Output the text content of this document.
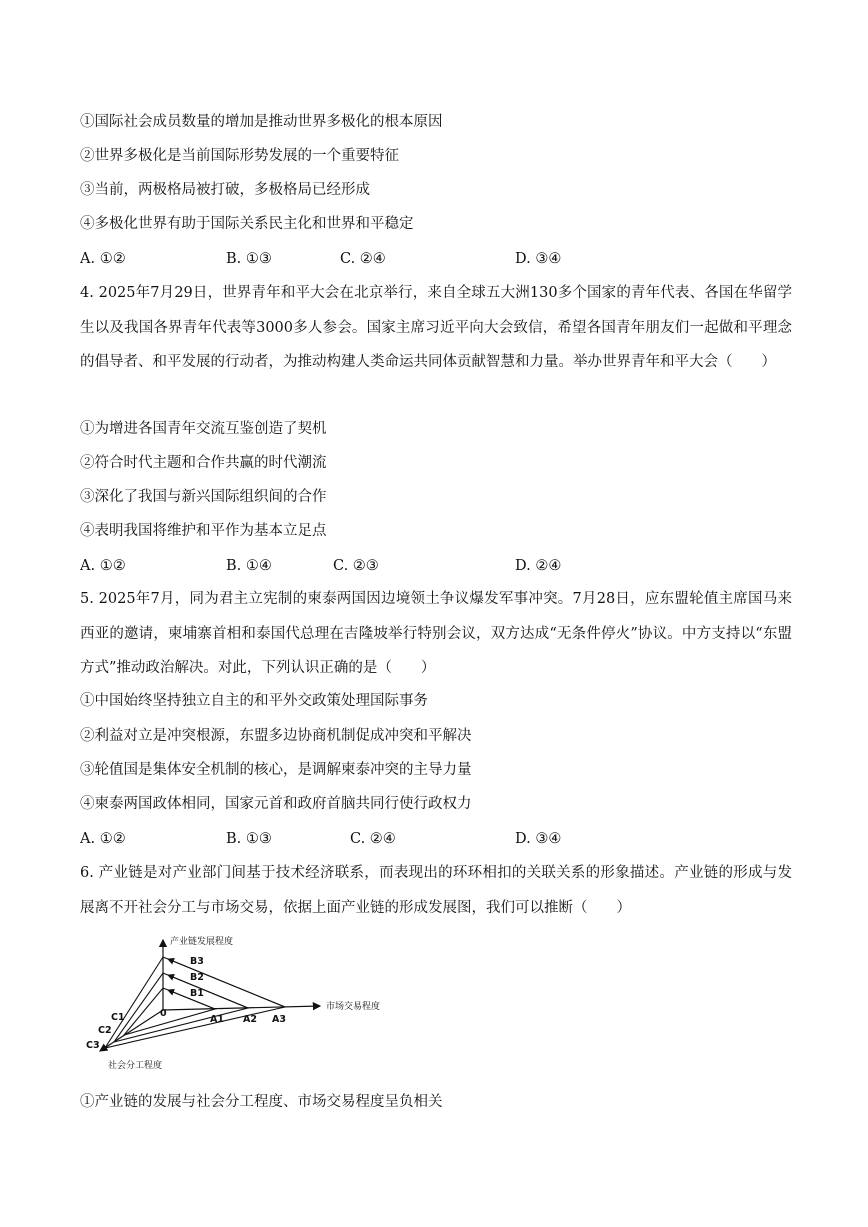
①国际社会成员数量的增加是推动世界多极化的根本原因
②世界多极化是当前国际形势发展的一个重要特征
③当前，两极格局被打破，多极格局已经形成
④多极化世界有助于国际关系民主化和世界和平稳定
A. ①②	B. ①③	C. ②④	D. ③④
4. 2025年7月29日，世界青年和平大会在北京举行，来自全球五大洲130多个国家的青年代表、各国在华留学生以及我国各界青年代表等3000多人参会。国家主席习近平向大会致信，希望各国青年朋友们一起做和平理念的倡导者、和平发展的行动者，为推动构建人类命运共同体贡献智慧和力量。举办世界青年和平大会（　　）
①为增进各国青年交流互鉴创造了契机
②符合时代主题和合作共赢的时代潮流
③深化了我国与新兴国际组织间的合作
④表明我国将维护和平作为基本立足点
A. ①②	B. ①④	C. ②③	D. ②④
5. 2025年7月，同为君主立宪制的柬泰两国因边境领土争议爆发军事冲突。7月28日，应东盟轮值主席国马来西亚的邀请，柬埔寨首相和泰国代总理在吉隆坡举行特别会议，双方达成“无条件停火”协议。中方支持以“东盟方式”推动政治解决。对此，下列认识正确的是（　　）
①中国始终坚持独立自主的和平外交政策处理国际事务
②利益对立是冲突根源，东盟多边协商机制促成冲突和平解决
③轮值国是集体安全机制的核心，是调解柬泰冲突的主导力量
④柬泰两国政体相同，国家元首和政府首脑共同行使行政权力
A. ①②	B. ①③	C. ②④	D. ③④
6. 产业链是对产业部门间基于技术经济联系，而表现出的环环相扣的关联关系的形象描述。产业链的形成与发展离不开社会分工与市场交易，依据上面产业链的形成发展图，我们可以推断（　　）
产业链发展程度
市场交易程度
社会分工程度
0
A1 A2 A3
B1
B2
B3
C1
C2
C3
①产业链的发展与社会分工程度、市场交易程度呈负相关
